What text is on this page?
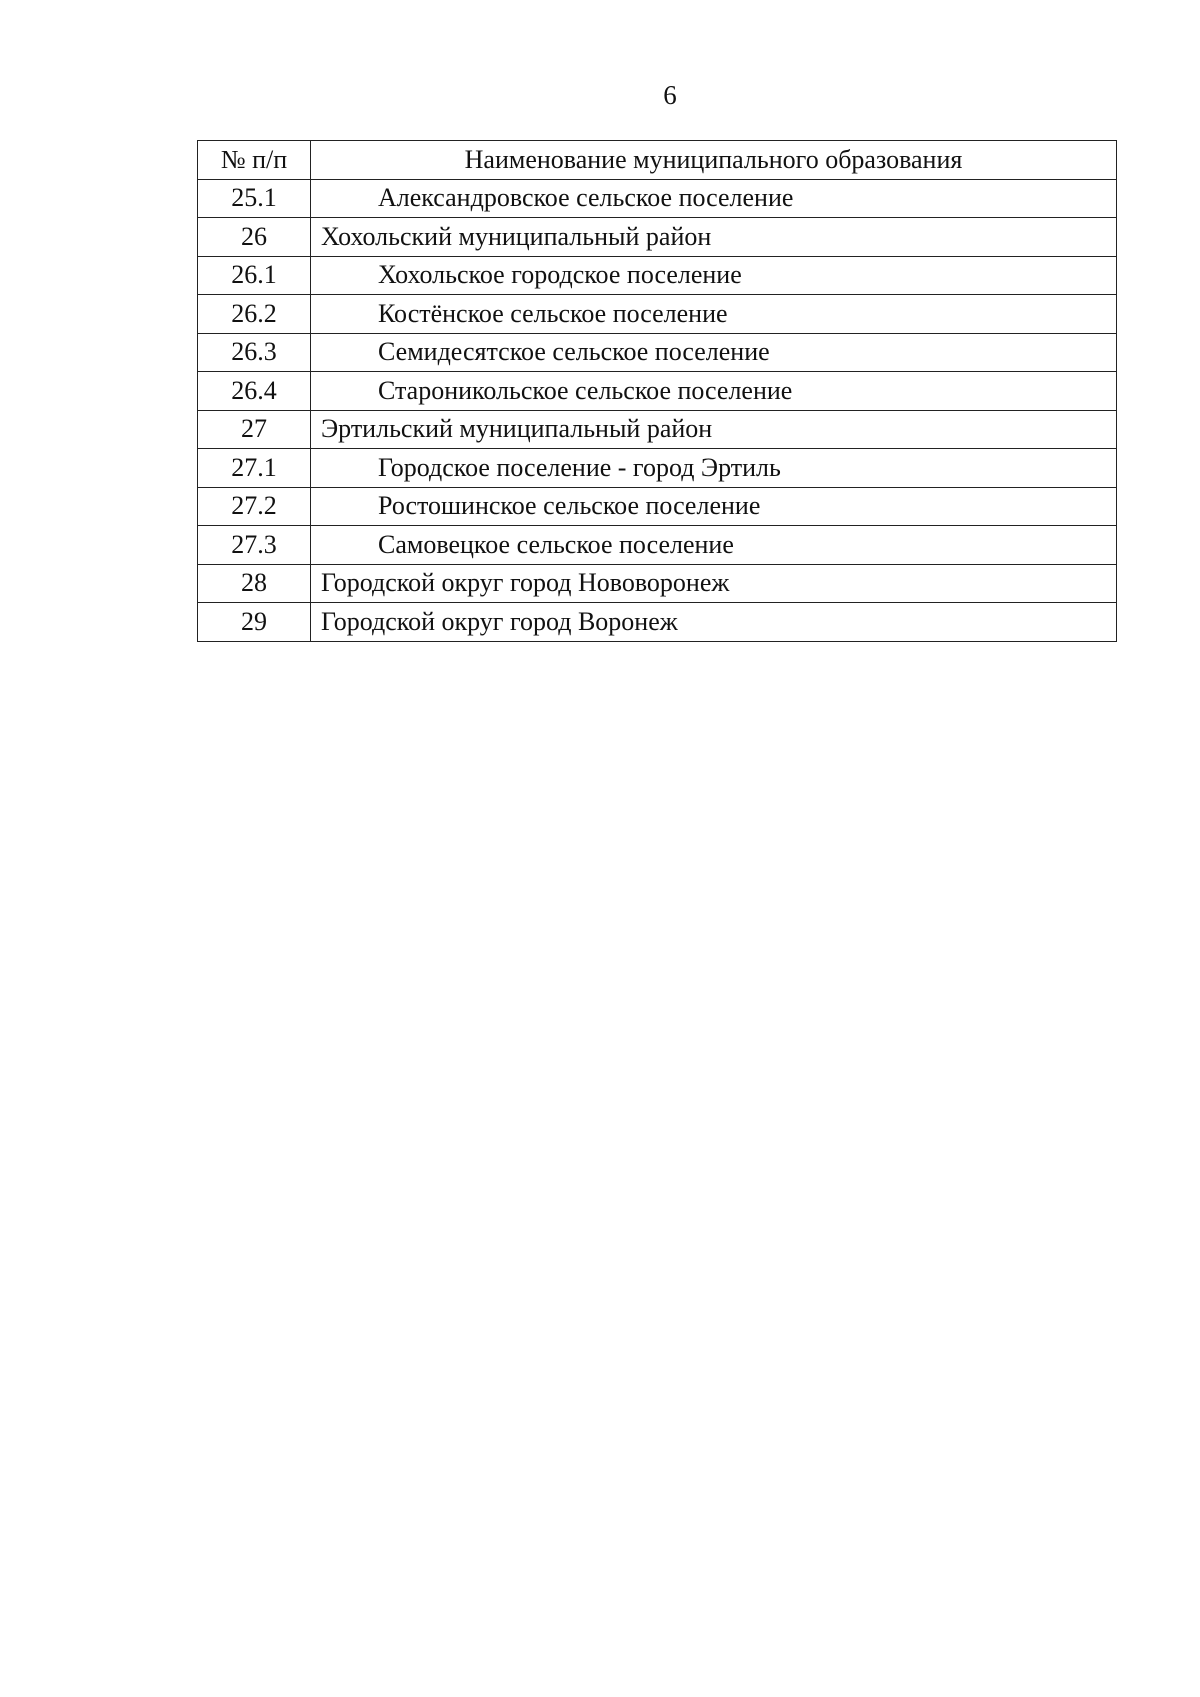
6
№ п/п	Наименование муниципального образования
25.1	Александровское сельское поселение
26	Хохольский муниципальный район
26.1	Хохольское городское поселение
26.2	Костёнское сельское поселение
26.3	Семидесятское сельское поселение
26.4	Староникольское сельское поселение
27	Эртильский муниципальный район
27.1	Городское поселение - город Эртиль
27.2	Ростошинское сельское поселение
27.3	Самовецкое сельское поселение
28	Городской округ город Нововоронеж
29	Городской округ город Воронеж
